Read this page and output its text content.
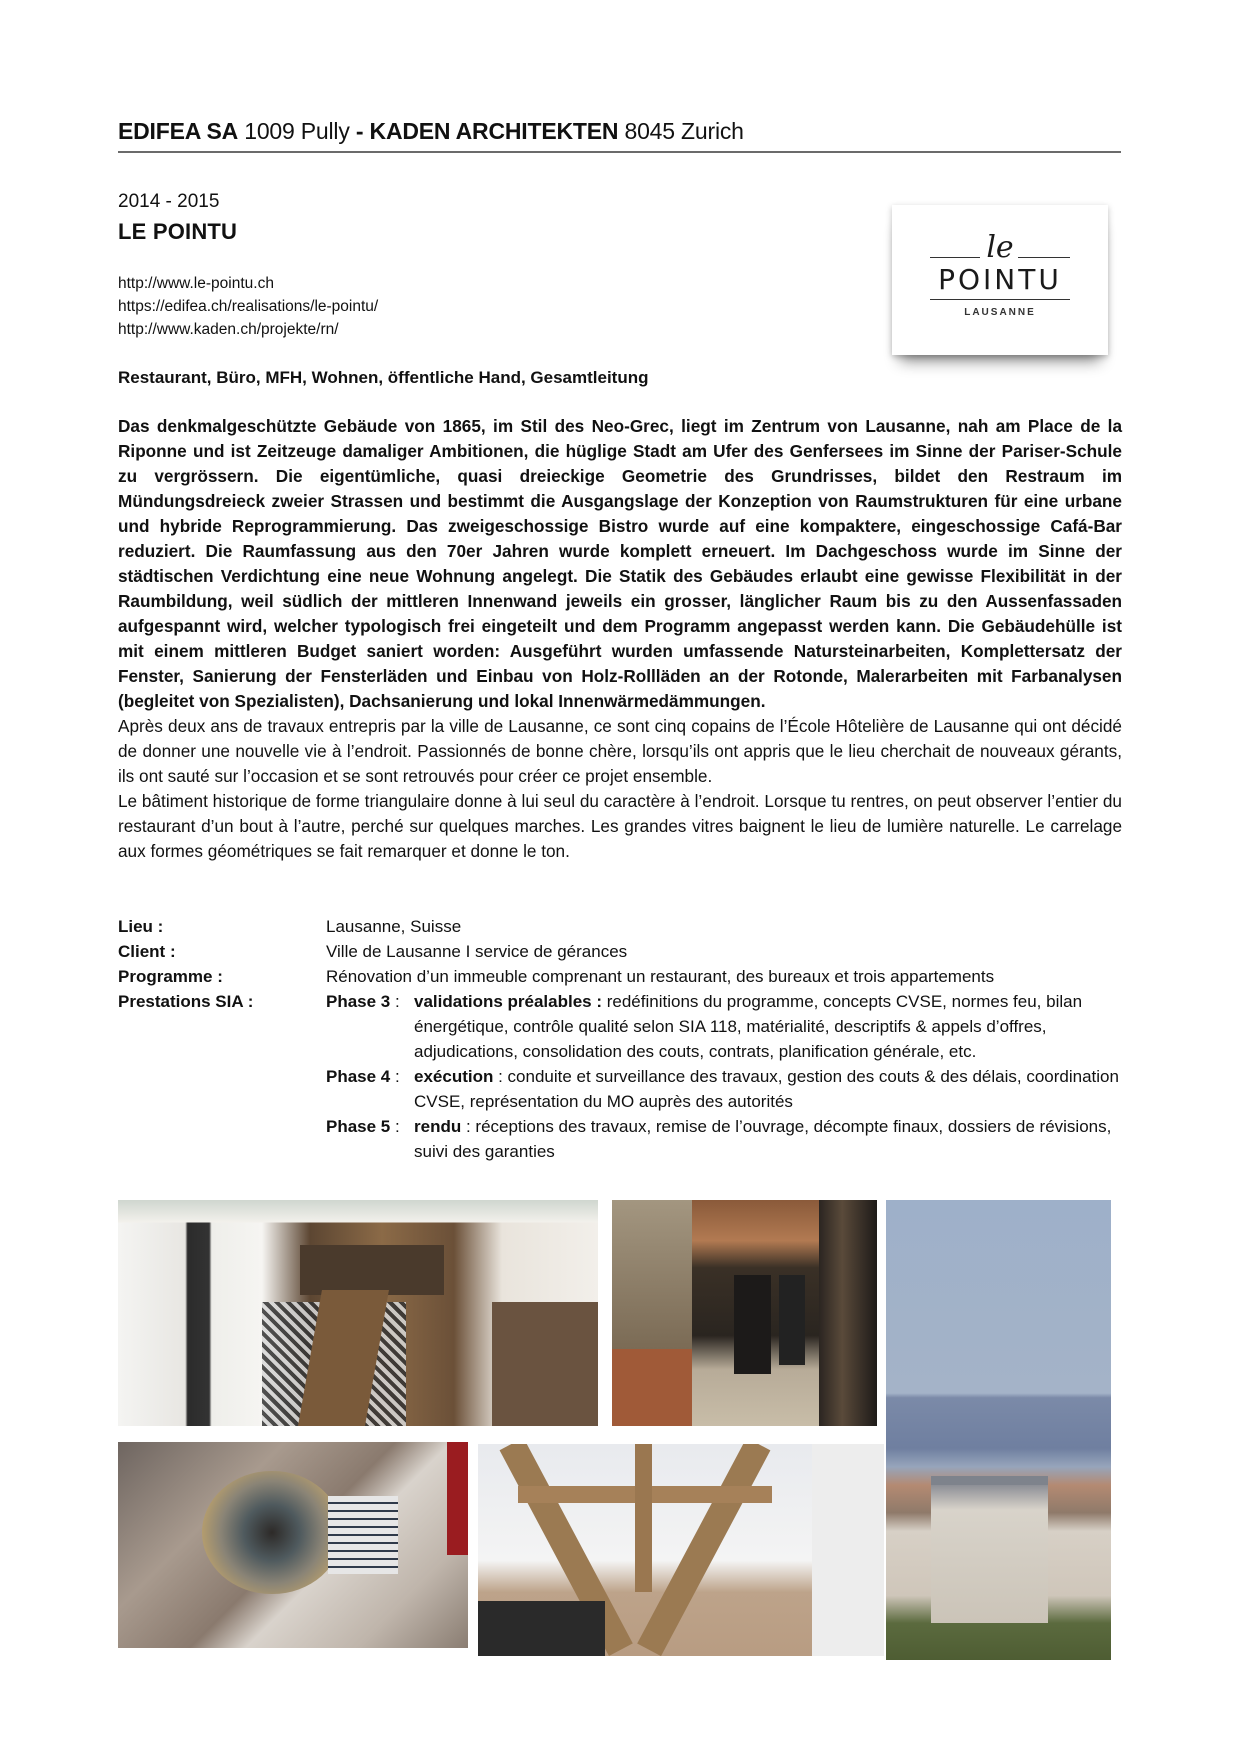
EDIFEA SA 1009 Pully - KADEN ARCHITEKTEN 8045 Zurich
2014 - 2015
LE POINTU
http://www.le-pointu.ch
https://edifea.ch/realisations/le-pointu/
http://www.kaden.ch/projekte/rn/
Restaurant, Büro, MFH, Wohnen, öffentliche Hand, Gesamtleitung
le
POINTU
LAUSANNE

Das denkmalgeschützte Gebäude von 1865, im Stil des Neo-Grec, liegt im Zentrum von Lausanne, nah am Place de la Riponne und ist Zeitzeuge damaliger Ambitionen, die hüglige Stadt am Ufer des Genfersees im Sinne der Pariser-Schule zu vergrössern. Die eigentümliche, quasi dreieckige Geometrie des Grundrisses, bildet den Restraum im Mündungsdreieck zweier Strassen und bestimmt die Ausgangslage der Konzeption von Raumstrukturen für eine urbane und hybride Reprogrammierung. Das zweigeschossige Bistro wurde auf eine kompaktere, eingeschossige Cafá-Bar reduziert. Die Raumfassung aus den 70er Jahren wurde komplett erneuert. Im Dachgeschoss wurde im Sinne der städtischen Verdichtung eine neue Wohnung angelegt. Die Statik des Gebäudes erlaubt eine gewisse Flexibilität in der Raumbildung, weil südlich der mittleren Innenwand jeweils ein grosser, länglicher Raum bis zu den Aussenfassaden aufgespannt wird, welcher typologisch frei eingeteilt und dem Programm angepasst werden kann. Die Gebäudehülle ist mit einem mittleren Budget saniert worden: Ausgeführt wurden umfassende Natursteinarbeiten, Komplettersatz der Fenster, Sanierung der Fensterläden und Einbau von Holz-Rollläden an der Rotonde, Malerarbeiten mit Farbanalysen (begleitet von Spezialisten), Dachsanierung und lokal Innenwärmedämmungen.

Après deux ans de travaux entrepris par la ville de Lausanne, ce sont cinq copains de l’École Hôtelière de Lausanne qui ont décidé de donner une nouvelle vie à l’endroit. Passionnés de bonne chère, lorsqu’ils ont appris que le lieu cherchait de nouveaux gérants, ils ont sauté sur l’occasion et se sont retrouvés pour créer ce projet ensemble.

Le bâtiment historique de forme triangulaire donne à lui seul du caractère à l’endroit. Lorsque tu rentres, on peut observer l’entier du restaurant d’un bout à l’autre, perché sur quelques marches. Les grandes vitres baignent le lieu de lumière naturelle. Le carrelage aux formes géométriques se fait remarquer et donne le ton.

Lieu :	Lausanne, Suisse
Client :	Ville de Lausanne I service de gérances
Programme :	Rénovation d’un immeuble comprenant un restaurant, des bureaux et trois appartements
Prestations SIA :	Phase 3 : validations préalables : redéfinitions du programme, concepts CVSE, normes feu, bilan énergétique, contrôle qualité selon SIA 118, matérialité, descriptifs & appels d’offres, adjudications, consolidation des couts, contrats, planification générale, etc.
Phase 4 : exécution : conduite et surveillance des travaux, gestion des couts & des délais, coordination CVSE, représentation du MO auprès des autorités
Phase 5 : rendu : réceptions des travaux, remise de l’ouvrage, décompte finaux, dossiers de révisions, suivi des garanties
